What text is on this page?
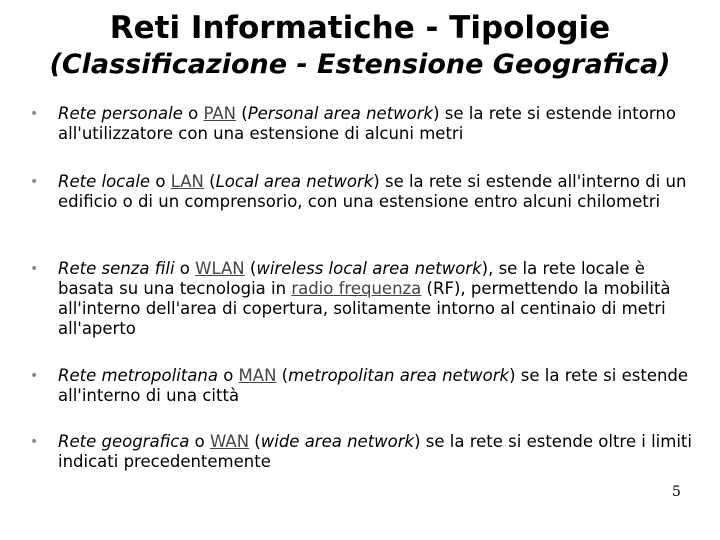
Reti Informatiche - Tipologie
(Classificazione - Estensione Geografica)
• Rete personale o PAN (Personal area network) se la rete si estende intorno all'utilizzatore con una estensione di alcuni metri
• Rete locale o LAN (Local area network) se la rete si estende all'interno di un edificio o di un comprensorio, con una estensione entro alcuni chilometri
• Rete senza fili o WLAN (wireless local area network), se la rete locale è basata su una tecnologia in radio frequenza (RF), permettendo la mobilità all'interno dell'area di copertura, solitamente intorno al centinaio di metri all'aperto
• Rete metropolitana o MAN (metropolitan area network) se la rete si estende all'interno di una città
• Rete geografica o WAN (wide area network) se la rete si estende oltre i limiti indicati precedentemente
5
